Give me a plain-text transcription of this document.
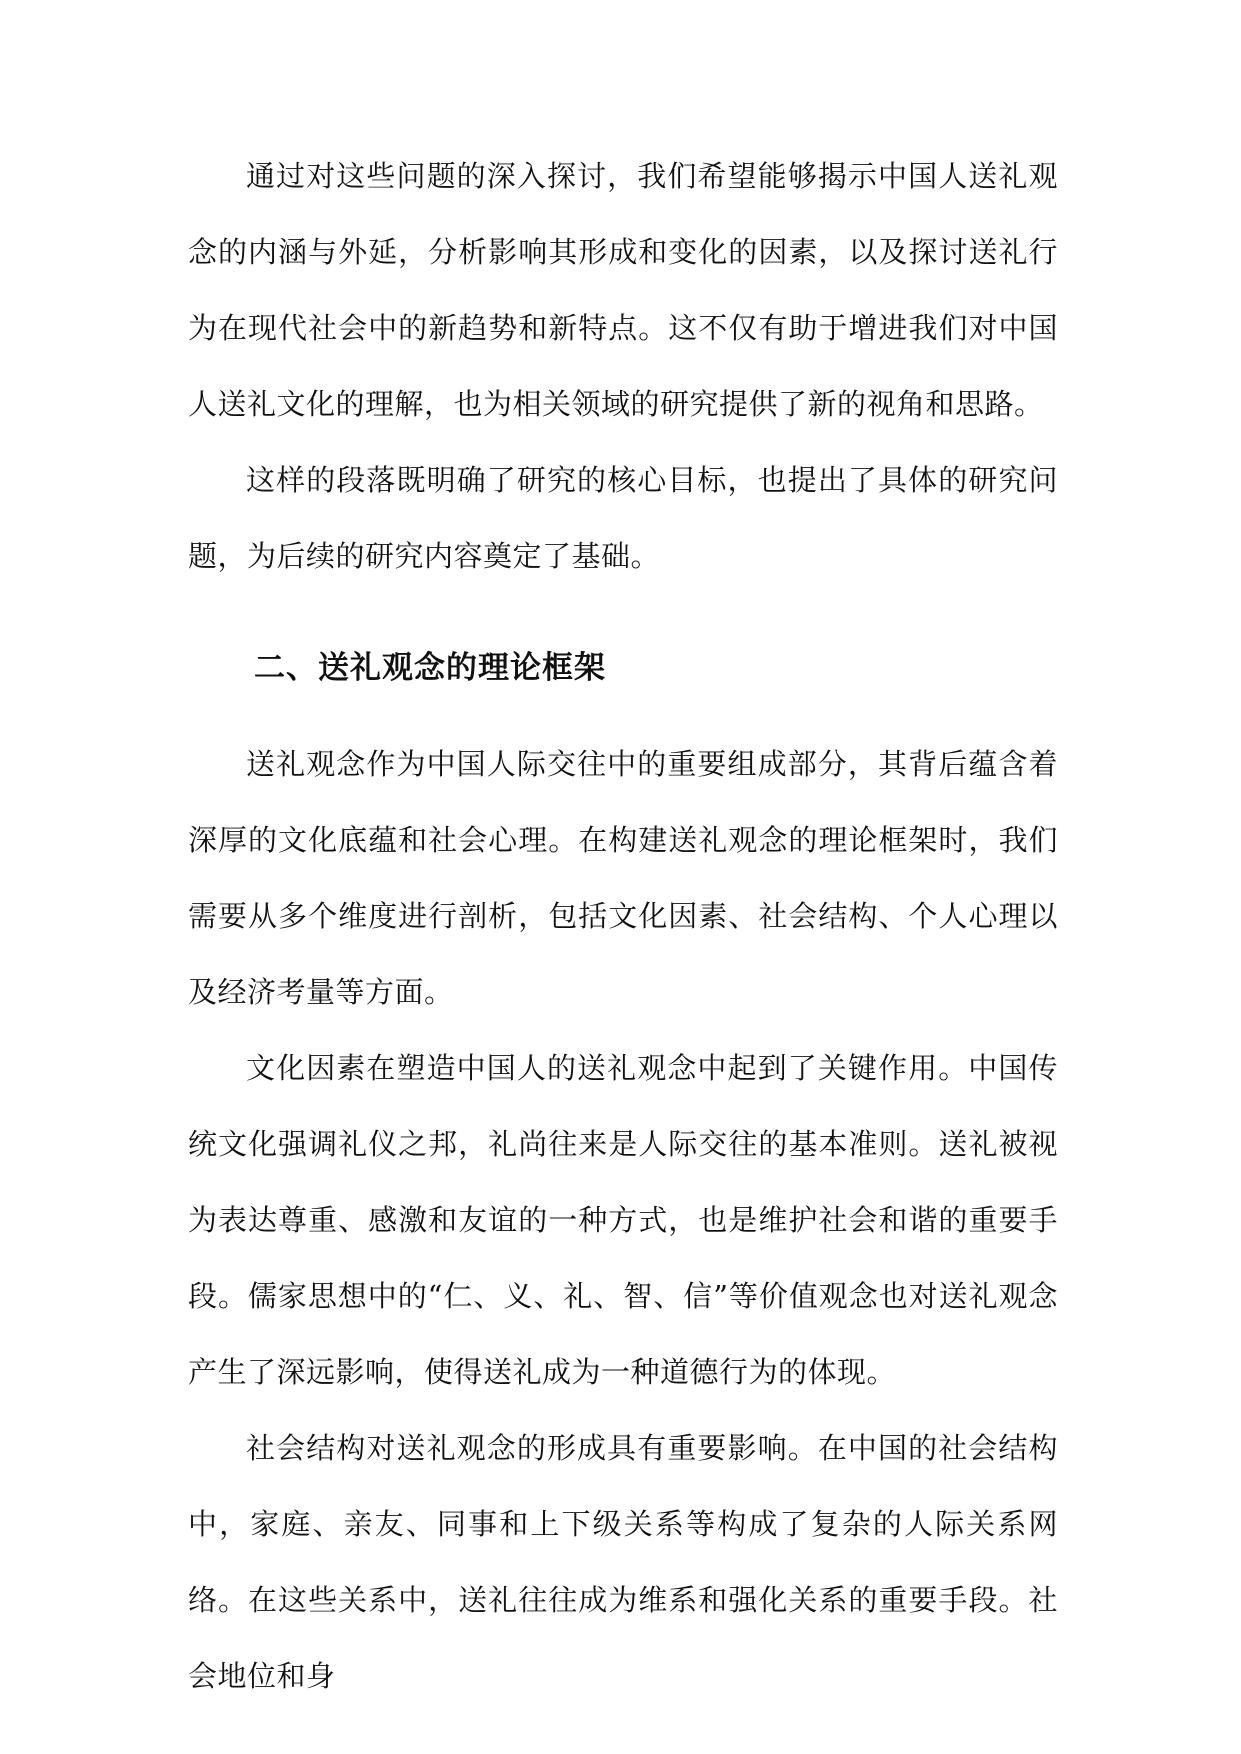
通过对这些问题的深入探讨，我们希望能够揭示中国人送礼观念的内涵与外延，分析影响其形成和变化的因素，以及探讨送礼行为在现代社会中的新趋势和新特点。这不仅有助于增进我们对中国人送礼文化的理解，也为相关领域的研究提供了新的视角和思路。

这样的段落既明确了研究的核心目标，也提出了具体的研究问题，为后续的研究内容奠定了基础。

二、送礼观念的理论框架

送礼观念作为中国人际交往中的重要组成部分，其背后蕴含着深厚的文化底蕴和社会心理。在构建送礼观念的理论框架时，我们需要从多个维度进行剖析，包括文化因素、社会结构、个人心理以及经济考量等方面。

文化因素在塑造中国人的送礼观念中起到了关键作用。中国传统文化强调礼仪之邦，礼尚往来是人际交往的基本准则。送礼被视为表达尊重、感激和友谊的一种方式，也是维护社会和谐的重要手段。儒家思想中的“仁、义、礼、智、信”等价值观念也对送礼观念产生了深远影响，使得送礼成为一种道德行为的体现。

社会结构对送礼观念的形成具有重要影响。在中国的社会结构中，家庭、亲友、同事和上下级关系等构成了复杂的人际关系网络。在这些关系中，送礼往往成为维系和强化关系的重要手段。社会地位和身
